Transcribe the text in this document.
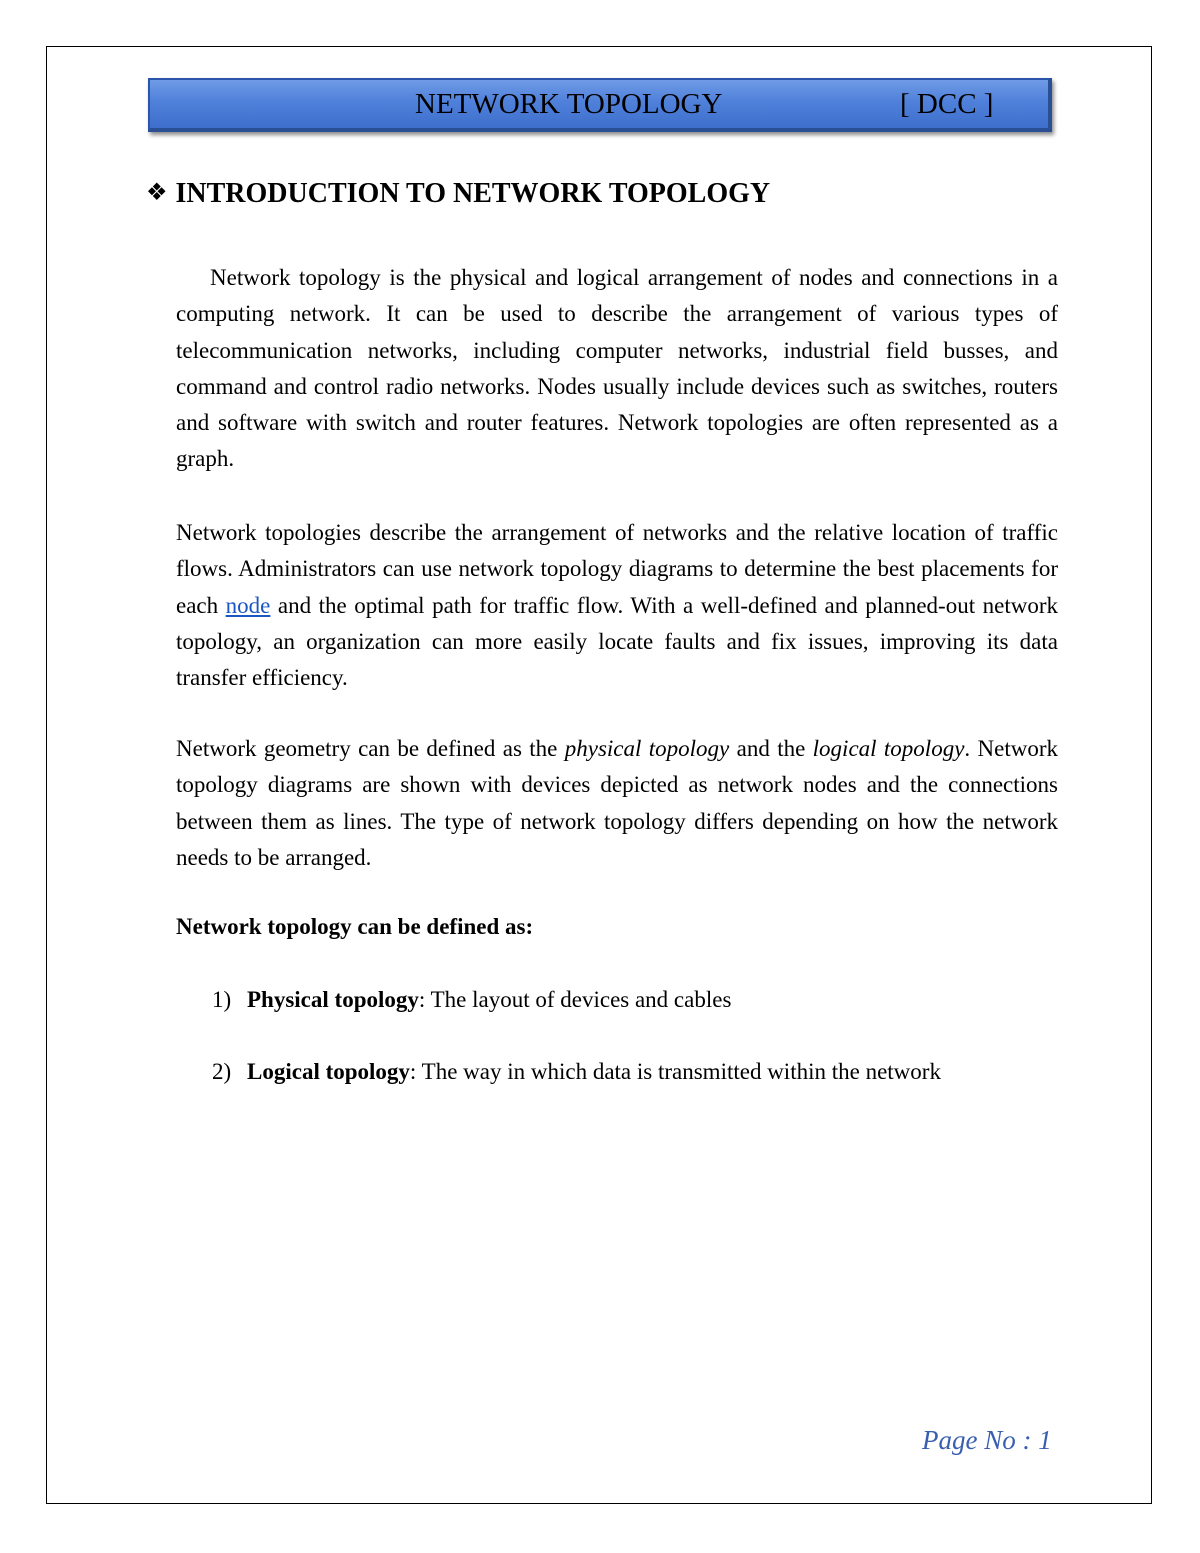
NETWORK TOPOLOGY	[ DCC ]
❖ INTRODUCTION TO NETWORK TOPOLOGY

Network topology is the physical and logical arrangement of nodes and connections in a computing network. It can be used to describe the arrangement of various types of telecommunication networks, including computer networks, industrial field busses, and command and control radio networks. Nodes usually include devices such as switches, routers and software with switch and router features. Network topologies are often represented as a graph.

Network topologies describe the arrangement of networks and the relative location of traffic flows. Administrators can use network topology diagrams to determine the best placements for each node and the optimal path for traffic flow. With a well-defined and planned-out network topology, an organization can more easily locate faults and fix issues, improving its data transfer efficiency.

Network geometry can be defined as the physical topology and the logical topology. Network topology diagrams are shown with devices depicted as network nodes and the connections between them as lines. The type of network topology differs depending on how the network needs to be arranged.

Network topology can be defined as:
1) Physical topology: The layout of devices and cables
2) Logical topology: The way in which data is transmitted within the network
Page No : 1
